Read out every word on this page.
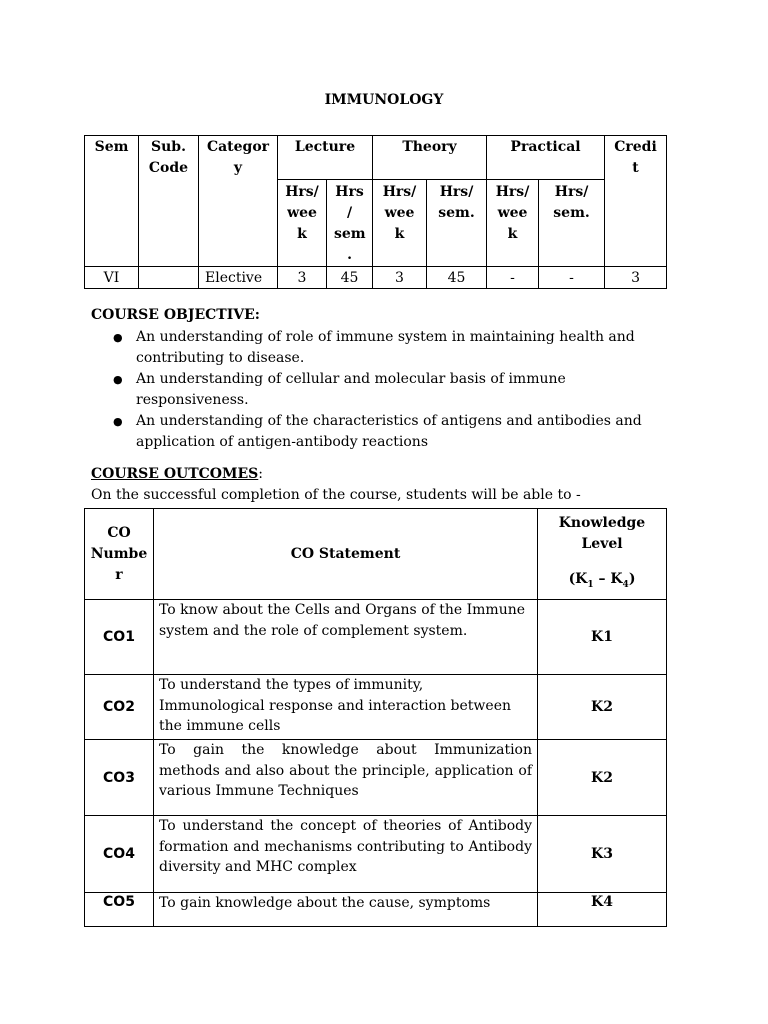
IMMUNOLOGY
Sem	Sub. Code	Categor y	Lecture		Theory		Practical		Credi t
			Hrs/ wee k	Hrs / sem .	Hrs/ wee k	Hrs/ sem.	Hrs/ wee k	Hrs/ sem.	
VI		Elective	3	45	3	45	-	-	3
COURSE OBJECTIVE:
● An understanding of role of immune system in maintaining health and contributing to disease.
● An understanding of cellular and molecular basis of immune responsiveness.
● An understanding of the characteristics of antigens and antibodies and application of antigen-antibody reactions
COURSE OUTCOMES:
On the successful completion of the course, students will be able to -
CO Numbe r	CO Statement	Knowledge Level
$(K_1 - K_4)$
CO1	To know about the Cells and Organs of the Immune system and the role of complement system.	K1
CO2	To understand the types of immunity, Immunological response and interaction between the immune cells	K2
CO3	To gain the knowledge about Immunization methods and also about the principle, application of various Immune Techniques	K2
CO4	To understand the concept of theories of Antibody formation and mechanisms contributing to Antibody diversity and MHC complex	K3
CO5	To gain knowledge about the cause, symptoms	K4
